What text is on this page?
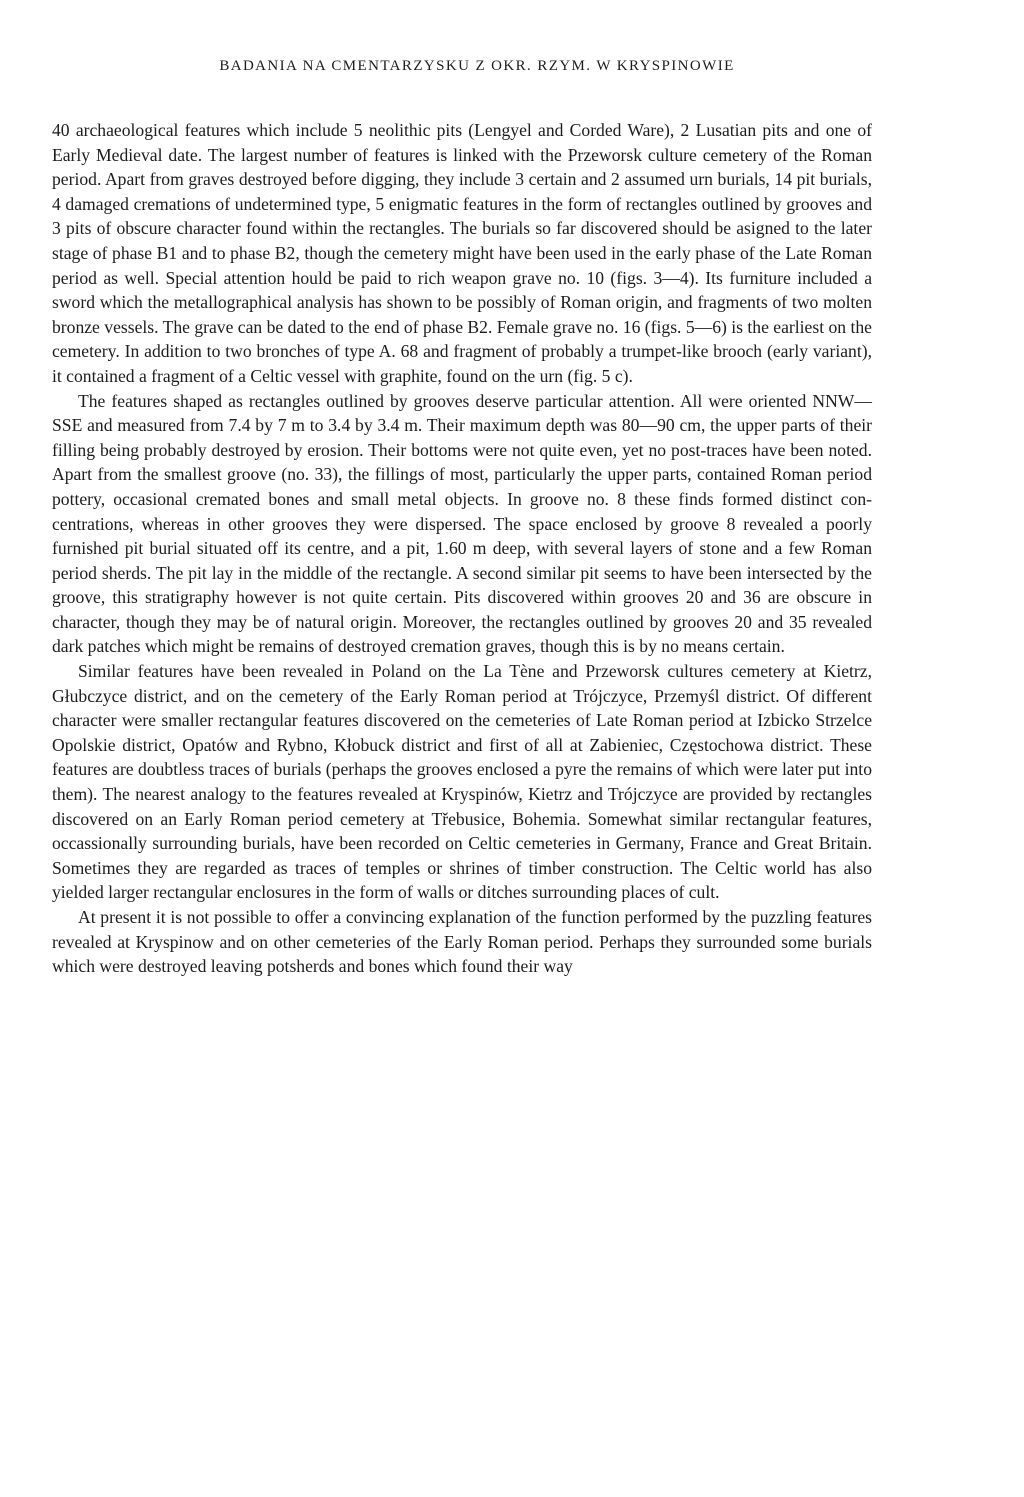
BADANIA NA CMENTARZYSKU Z OKR. RZYM. W KRYSPINOWIE

40 archaeological features which include 5 neolithic pits (Lengyel and Corded Ware), 2 Lusatian pits and one of Early Medieval date. The largest number of features is linked with the Przeworsk culture cemetery of the Roman period. Apart from graves destroyed before digging, they include 3 certain and 2 assumed urn burials, 14 pit burials, 4 damaged cremations of undetermined type, 5 enigmatic features in the form of rectangles outlined by grooves and 3 pits of obscure character found within the rectangles. The burials so far discovered should be asigned to the later stage of phase B1 and to phase B2, though the cemetery might have been used in the early phase of the Late Roman period as well. Special attention hould be paid to rich weapon grave no. 10 (figs. 3—4). Its furniture included a sword which the metallographical analysis has shown to be possibly of Roman origin, and fragments of two molten bronze vessels. The grave can be dated to the end of phase B2. Female grave no. 16 (figs. 5—6) is the earliest on the cemetery. In addition to two bronches of type A. 68 and fragment of probably a trumpet-like brooch (early variant), it contained a fragment of a Celtic vessel with graphite, found on the urn (fig. 5 c).

The features shaped as rectangles outlined by grooves deserve particular attention. All were oriented NNW—SSE and measured from 7.4 by 7 m to 3.4 by 3.4 m. Their maximum depth was 80—90 cm, the upper parts of their filling being probably destroyed by erosion. Their bottoms were not quite even, yet no post-traces have been noted. Apart from the smallest groove (no. 33), the fillings of most, particularly the upper parts, contained Roman period pottery, occasional cremated bones and small metal objects. In groove no. 8 these finds formed distinct concentrations, whereas in other grooves they were dispersed. The space enclosed by groove 8 revealed a poorly furnished pit burial situated off its centre, and a pit, 1.60 m deep, with several layers of stone and a few Roman period sherds. The pit lay in the middle of the rectangle. A second similar pit seems to have been intersected by the groove, this stratigraphy however is not quite certain. Pits discovered within grooves 20 and 36 are obscure in character, though they may be of natural origin. Moreover, the rectangles outlined by grooves 20 and 35 revealed dark patches which might be remains of destroyed cremation graves, though this is by no means certain.

Similar features have been revealed in Poland on the La Tène and Przeworsk cultures cemetery at Kietrz, Głubczyce district, and on the cemetery of the Early Roman period at Trójczyce, Przemyśl district. Of different character were smaller rectangular features discovered on the cemeteries of Late Roman period at Izbicko Strzelce Opolskie district, Opatów and Rybno, Kłobuck district and first of all at Zabieniec, Częstochowa district. These features are doubtless traces of burials (perhaps the grooves enclosed a pyre the remains of which were later put into them). The nearest analogy to the features revealed at Kryspinów, Kietrz and Trójczyce are provided by rectangles discovered on an Early Roman period cemetery at Třebusice, Bohemia. Somewhat similar rectangular features, occassionally surrounding burials, have been recorded on Celtic cemeteries in Germany, France and Great Britain. Sometimes they are regarded as traces of temples or shrines of timber construction. The Celtic world has also yielded larger rectangular enclosures in the form of walls or ditches surrounding places of cult.

At present it is not possible to offer a convincing explanation of the function performed by the puzzling features revealed at Kryspinow and on other cemeteries of the Early Roman period. Perhaps they surrounded some burials which were destroyed leaving potsherds and bones which found their way
